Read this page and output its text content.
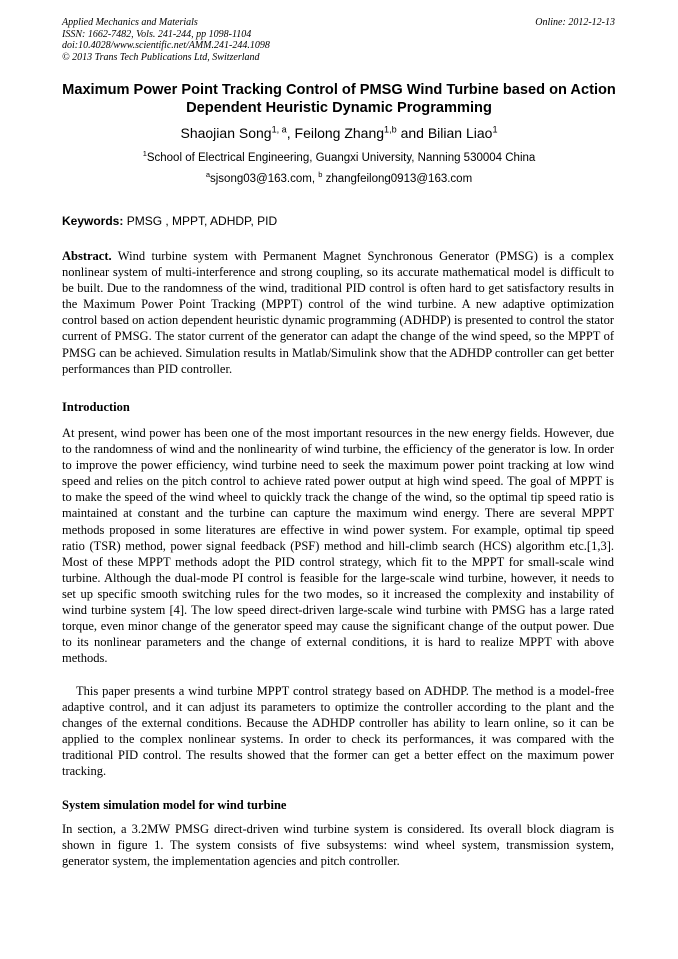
Applied Mechanics and Materials
ISSN: 1662-7482, Vols. 241-244, pp 1098-1104
doi:10.4028/www.scientific.net/AMM.241-244.1098
© 2013 Trans Tech Publications Ltd, Switzerland
Online: 2012-12-13
Maximum Power Point Tracking Control of PMSG Wind Turbine based on Action Dependent Heuristic Dynamic Programming
Shaojian Song$^{1, a}$, Feilong Zhang$^{1,b}$ and Bilian Liao$^1$
$^1$School of Electrical Engineering, Guangxi University, Nanning 530004 China
$^a$sjsong03@163.com, $^b$ zhangfeilong0913@163.com
Keywords: PMSG , MPPT, ADHDP, PID

Abstract. Wind turbine system with Permanent Magnet Synchronous Generator (PMSG) is a complex nonlinear system of multi-interference and strong coupling, so its accurate mathematical model is difficult to be built. Due to the randomness of the wind, traditional PID control is often hard to get satisfactory results in the Maximum Power Point Tracking (MPPT) control of the wind turbine. A new adaptive optimization control based on action dependent heuristic dynamic programming (ADHDP) is presented to control the stator current of PMSG. The stator current of the generator can adapt the change of the wind speed, so the MPPT of PMSG can be achieved. Simulation results in Matlab/Simulink show that the ADHDP controller can get better performances than PID controller.

Introduction

At present, wind power has been one of the most important resources in the new energy fields. However, due to the randomness of wind and the nonlinearity of wind turbine, the efficiency of the generator is low. In order to improve the power efficiency, wind turbine need to seek the maximum power point tracking at low wind speed and relies on the pitch control to achieve rated power output at high wind speed. The goal of MPPT is to make the speed of the wind wheel to quickly track the change of the wind, so the optimal tip speed ratio is maintained at constant and the turbine can capture the maximum wind energy. There are several MPPT methods proposed in some literatures are effective in wind power system. For example, optimal tip speed ratio (TSR) method, power signal feedback (PSF) method and hill-climb search (HCS) algorithm etc.[1,3]. Most of these MPPT methods adopt the PID control strategy, which fit to the MPPT for small-scale wind turbine. Although the dual-mode PI control is feasible for the large-scale wind turbine, however, it needs to set up specific smooth switching rules for the two modes, so it increased the complexity and instability of wind turbine system [4]. The low speed direct-driven large-scale wind turbine with PMSG has a large rated torque, even minor change of the generator speed may cause the significant change of the output power. Due to its nonlinear parameters and the change of external conditions, it is hard to realize MPPT with above methods.

This paper presents a wind turbine MPPT control strategy based on ADHDP. The method is a model-free adaptive control, and it can adjust its parameters to optimize the controller according to the plant and the changes of the external conditions. Because the ADHDP controller has ability to learn online, so it can be applied to the complex nonlinear systems. In order to check its performances, it was compared with the traditional PID control. The results showed that the former can get a better effect on the maximum power tracking.

System simulation model for wind turbine

In section, a 3.2MW PMSG direct-driven wind turbine system is considered. Its overall block diagram is shown in figure 1. The system consists of five subsystems: wind wheel system, transmission system, generator system, the implementation agencies and pitch controller.
